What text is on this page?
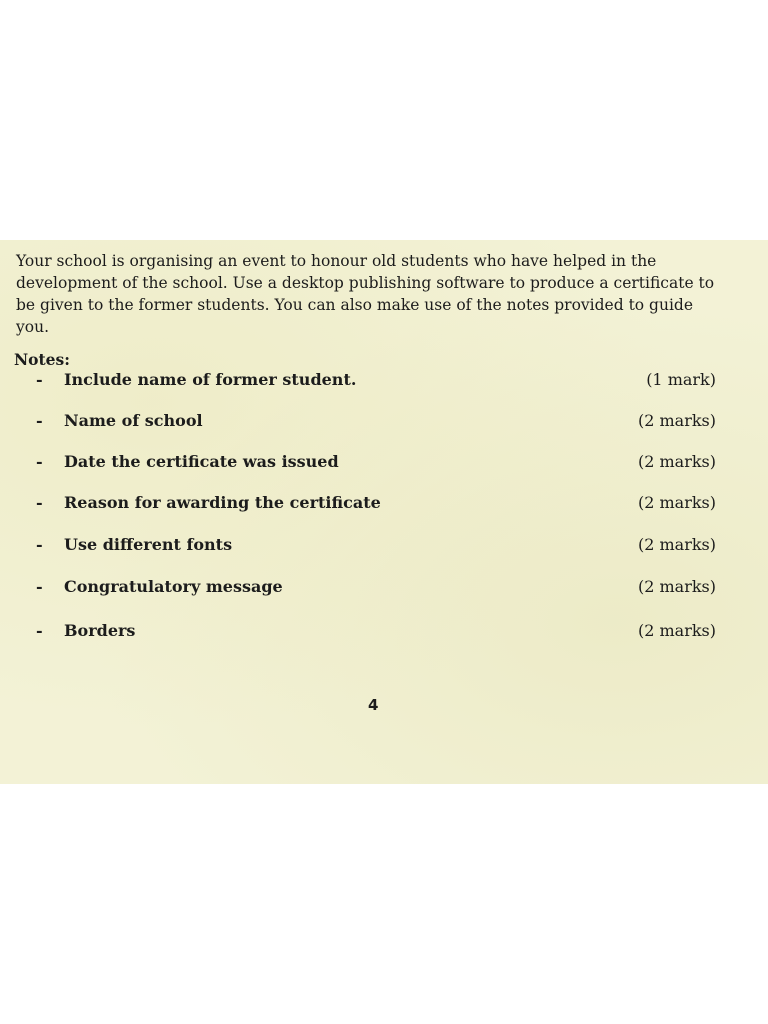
Your school is organising an event to honour old students who have helped in the development of the school. Use a desktop publishing software to produce a certificate to be given to the former students. You can also make use of the notes provided to guide you.

Notes:
- Include name of former student.	(1 mark)
- Name of school	(2 marks)
- Date the certificate was issued	(2 marks)
- Reason for awarding the certificate	(2 marks)
- Use different fonts	(2 marks)
- Congratulatory message	(2 marks)
- Borders	(2 marks)
4
